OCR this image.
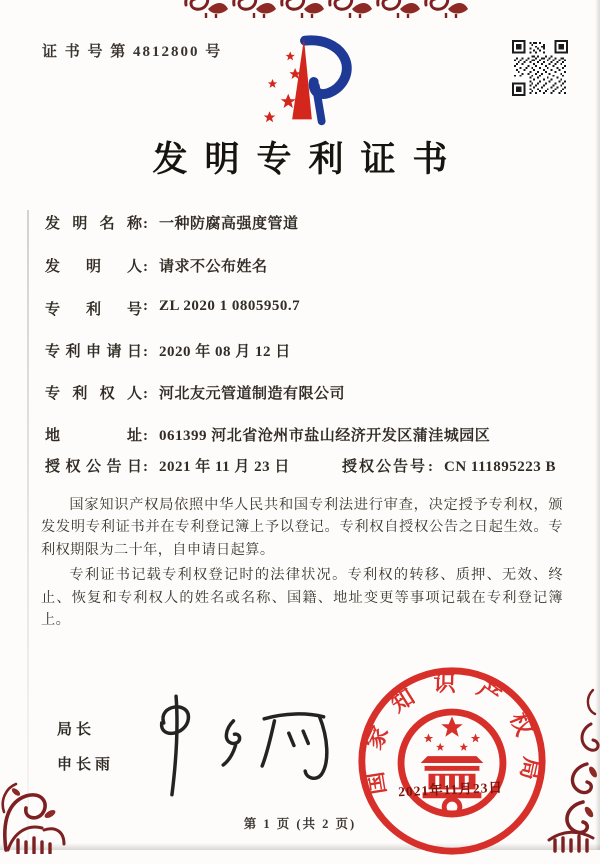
证 书 号 第 4812800 号
发明专利证书
发明名称: 一种防腐高强度管道
发明人: 请求不公布姓名
专利号: ZL 2020 1 0805950.7
专利申请日: 2020 年 08 月 12 日
专利权人: 河北友元管道制造有限公司
地址: 061399 河北省沧州市盐山经济开发区蒲洼城园区
授权公告日: 2021 年 11 月 23 日	授权公告号: CN 111895223 B

国家知识产权局依照中华人民共和国专利法进行审查，决定授予专利权，颁发发明专利证书并在专利登记簿上予以登记。专利权自授权公告之日起生效。专利权期限为二十年，自申请日起算。

专利证书记载专利权登记时的法律状况。专利权的转移、质押、无效、终止、恢复和专利权人的姓名或名称、国籍、地址变更等事项记载在专利登记簿上。

局长
申长雨	国家知识产权局
2021年11月23日
第 1 页 (共 2 页)
